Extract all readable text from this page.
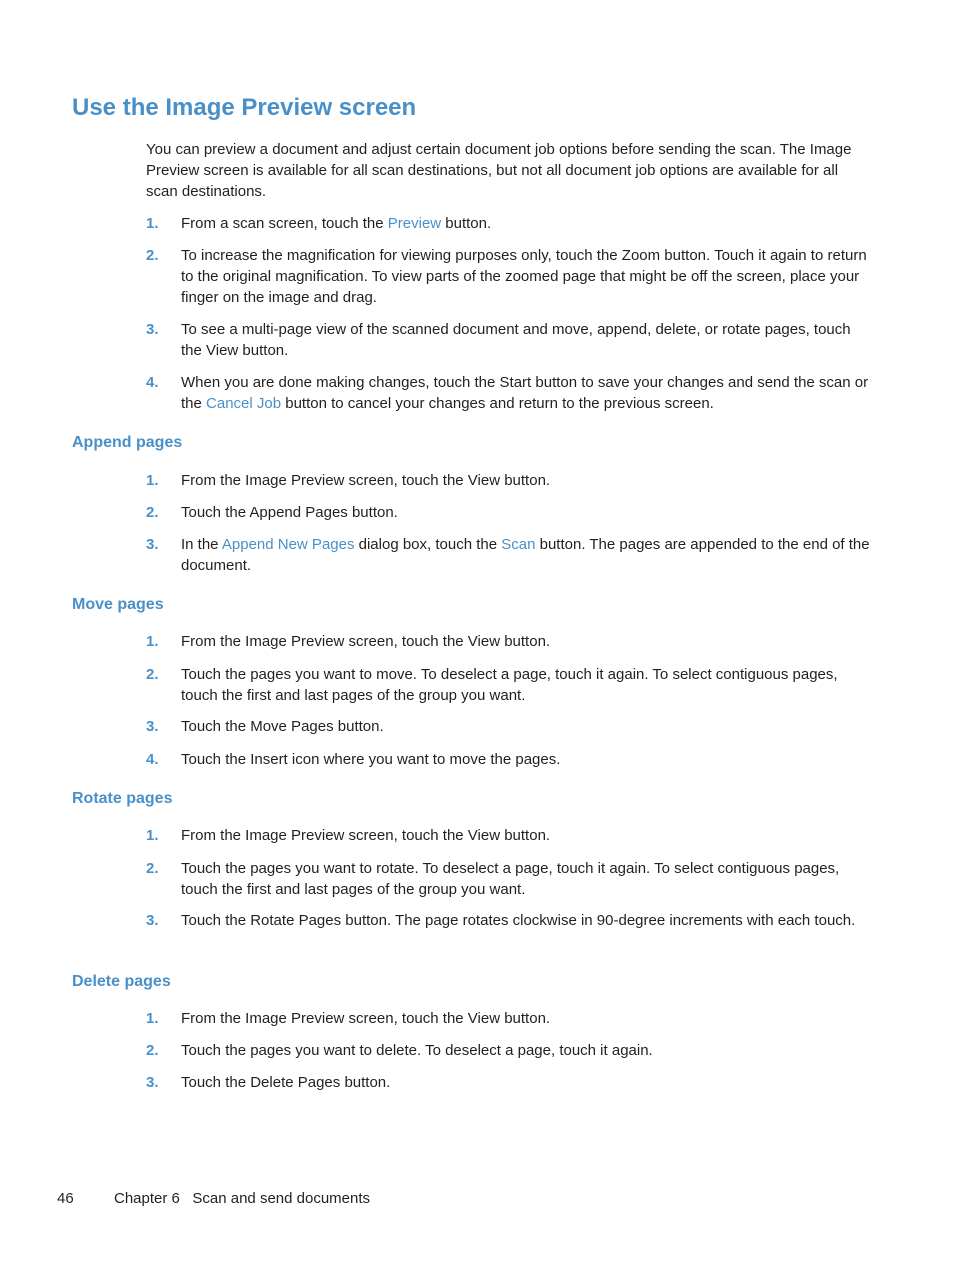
Use the Image Preview screen

You can preview a document and adjust certain document job options before sending the scan. The Image Preview screen is available for all scan destinations, but not all document job options are available for all scan destinations.

1.	From a scan screen, touch the Preview button.
2.	To increase the magnification for viewing purposes only, touch the Zoom button. Touch it again to return to the original magnification. To view parts of the zoomed page that might be off the screen, place your finger on the image and drag.
3.	To see a multi-page view of the scanned document and move, append, delete, or rotate pages, touch the View button.
4.	When you are done making changes, touch the Start button to save your changes and send the scan or the Cancel Job button to cancel your changes and return to the previous screen.
Append pages
1.	From the Image Preview screen, touch the View button.
2.	Touch the Append Pages button.
3.	In the Append New Pages dialog box, touch the Scan button. The pages are appended to the end of the document.
Move pages
1.	From the Image Preview screen, touch the View button.
2.	Touch the pages you want to move. To deselect a page, touch it again. To select contiguous pages, touch the first and last pages of the group you want.
3.	Touch the Move Pages button.
4.	Touch the Insert icon where you want to move the pages.
Rotate pages
1.	From the Image Preview screen, touch the View button.
2.	Touch the pages you want to rotate. To deselect a page, touch it again. To select contiguous pages, touch the first and last pages of the group you want.
3.	Touch the Rotate Pages button. The page rotates clockwise in 90-degree increments with each touch.
Delete pages
1.	From the Image Preview screen, touch the View button.
2.	Touch the pages you want to delete. To deselect a page, touch it again.
3.	Touch the Delete Pages button.
46	Chapter 6 Scan and send documents
